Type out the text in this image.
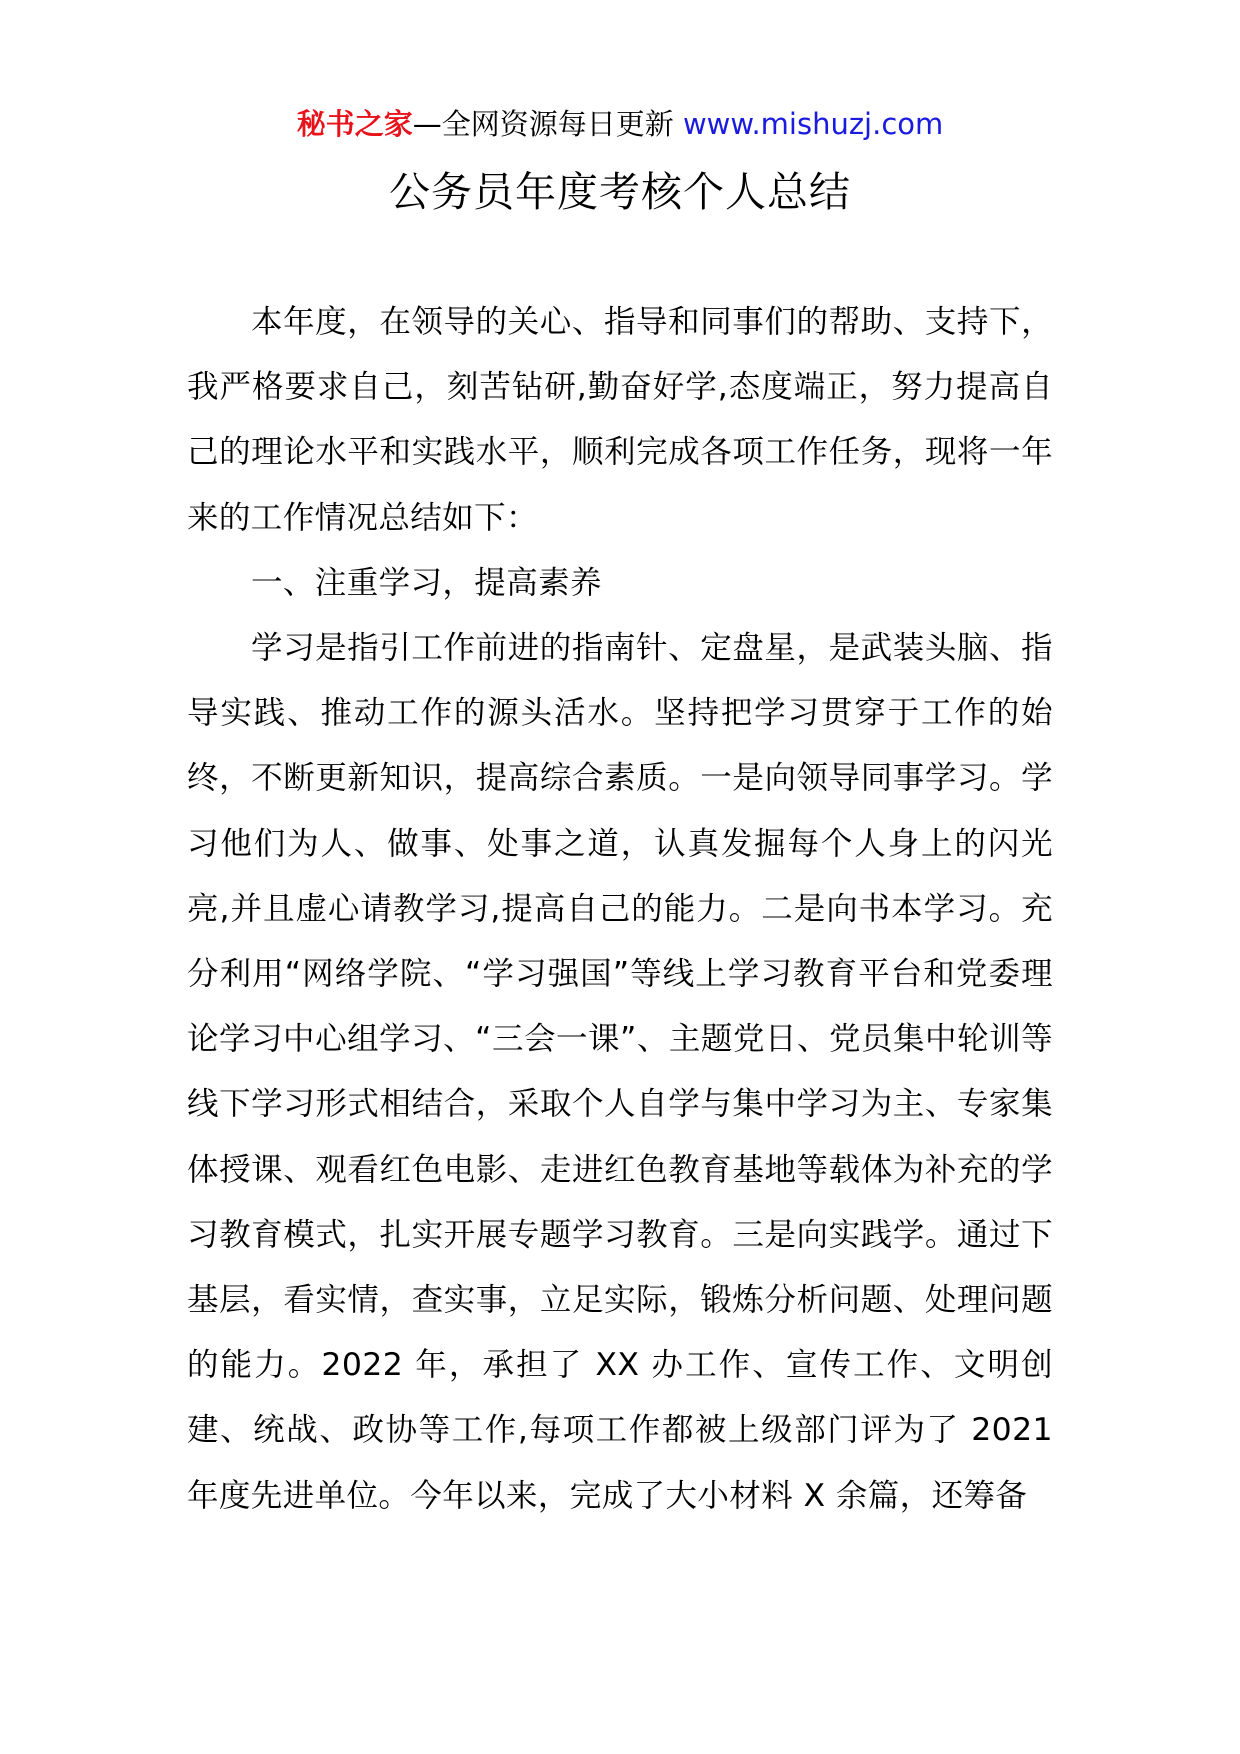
秘书之家—全网资源每日更新 www.mishuzj.com
公务员年度考核个人总结

本年度，在领导的关心、指导和同事们的帮助、支持下，我严格要求自己，刻苦钻研,勤奋好学,态度端正，努力提高自己的理论水平和实践水平，顺利完成各项工作任务，现将一年来的工作情况总结如下：

一、注重学习，提高素养

学习是指引工作前进的指南针、定盘星，是武装头脑、指导实践、推动工作的源头活水。坚持把学习贯穿于工作的始终，不断更新知识，提高综合素质。一是向领导同事学习。学习他们为人、做事、处事之道，认真发掘每个人身上的闪光亮,并且虚心请教学习,提高自己的能力。二是向书本学习。充分利用“网络学院、“学习强国”等线上学习教育平台和党委理论学习中心组学习、“三会一课”、主题党日、党员集中轮训等线下学习形式相结合，采取个人自学与集中学习为主、专家集体授课、观看红色电影、走进红色教育基地等载体为补充的学习教育模式，扎实开展专题学习教育。三是向实践学。通过下基层，看实情，查实事，立足实际，锻炼分析问题、处理问题的能力。2022 年，承担了 XX 办工作、宣传工作、文明创建、统战、政协等工作,每项工作都被上级部门评为了 2021 年度先进单位。今年以来，完成了大小材料 X 余篇，还筹备
